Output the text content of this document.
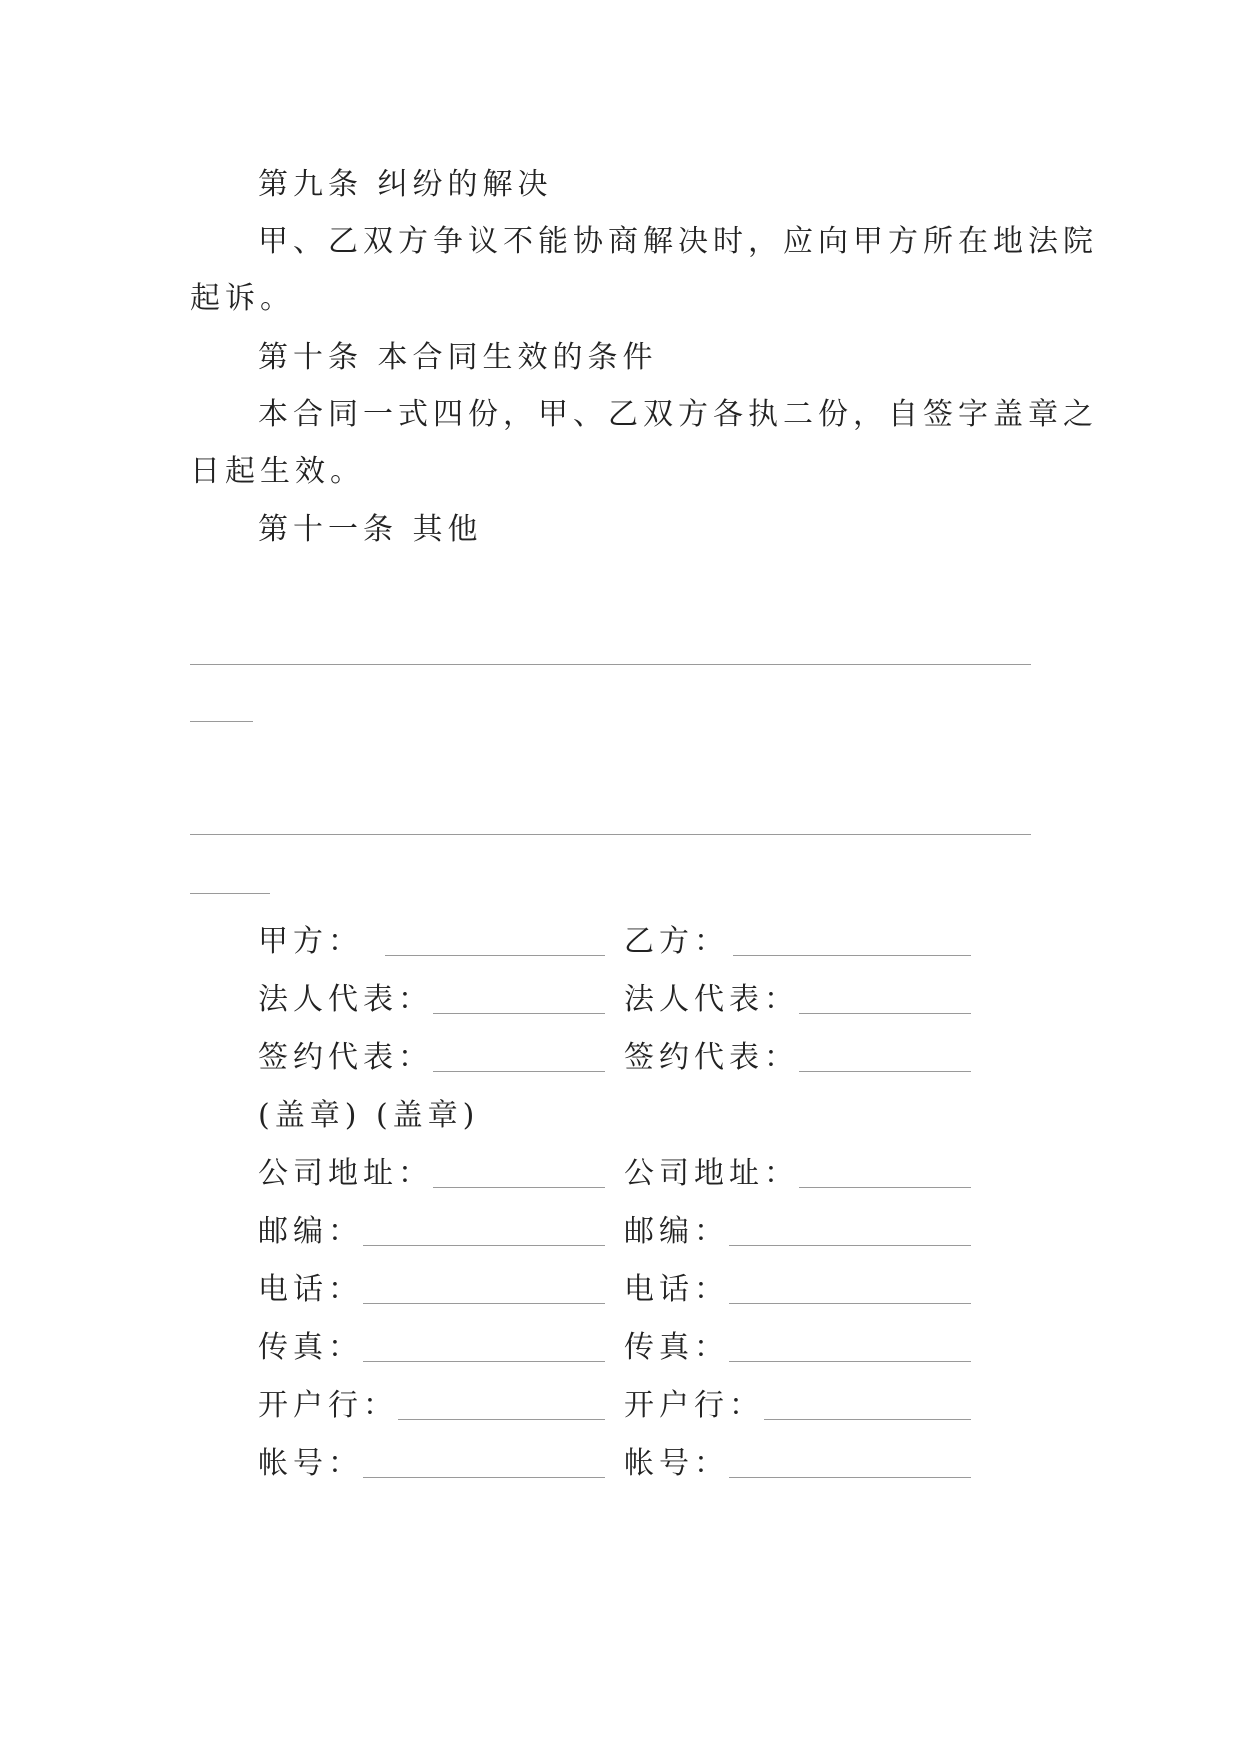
第九条 纠纷的解决
甲、乙双方争议不能协商解决时，应向甲方所在地法院
起诉。
第十条 本合同生效的条件
本合同一式四份，甲、乙双方各执二份，自签字盖章之
日起生效。
第十一条 其他
甲方：	乙方：
法人代表：	法人代表：
签约代表：	签约代表：
(盖章) (盖章)
公司地址：	公司地址：
邮编：	邮编：
电话：	电话：
传真：	传真：
开户行：	开户行：
帐号：	帐号：
